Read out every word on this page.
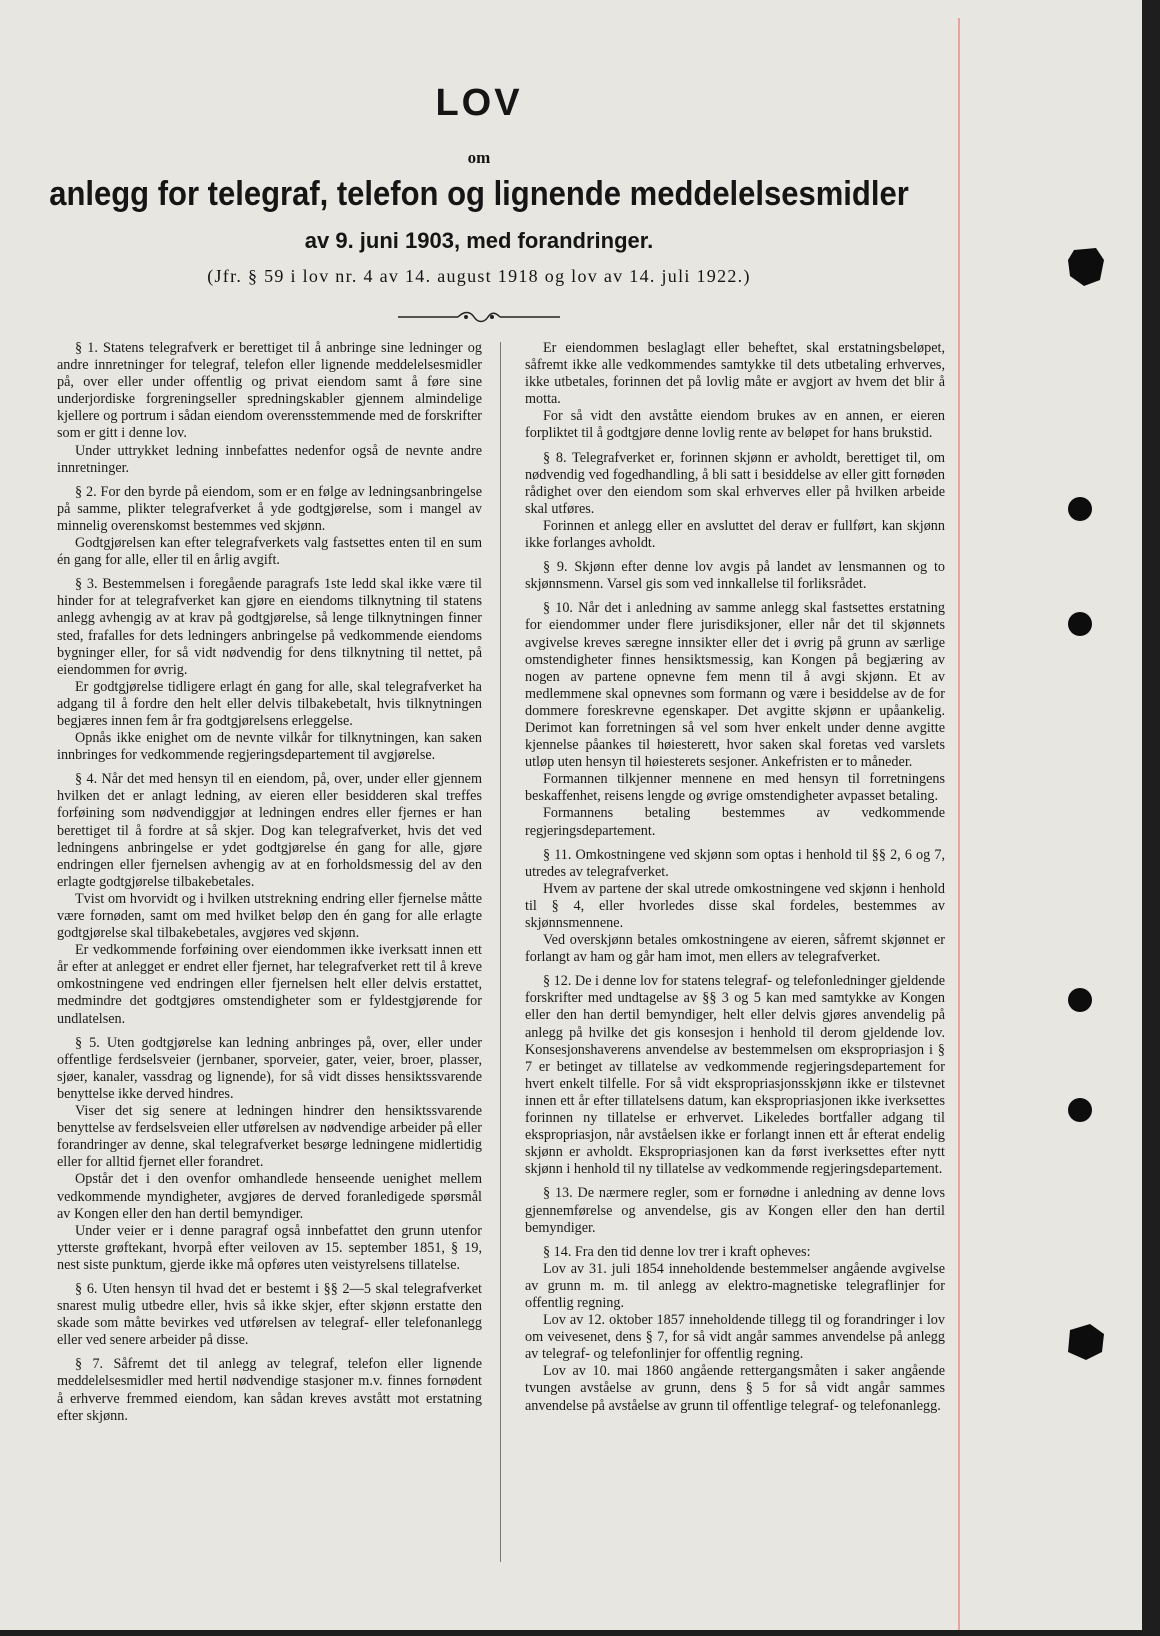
LOV
om
anlegg for telegraf, telefon og lignende meddelelsesmidler
av 9. juni 1903, med forandringer.
(Jfr. § 59 i lov nr. 4 av 14. august 1918 og lov av 14. juli 1922.)

§ 1. Statens telegrafverk er berettiget til å anbringe sine ledninger og andre innretninger for telegraf, telefon eller lignende meddelelsesmidler på, over eller under offentlig og privat eiendom samt å føre sine underjordiske forgreningseller spredningskabler gjennem almindelige kjellere og portrum i sådan eiendom overensstemmende med de forskrifter som er gitt i denne lov.

Under uttrykket ledning innbefattes nedenfor også de nevnte andre innretninger.

§ 2. For den byrde på eiendom, som er en følge av ledningsanbringelse på samme, plikter telegrafverket å yde godtgjørelse, som i mangel av minnelig overenskomst bestemmes ved skjønn.

Godtgjørelsen kan efter telegrafverkets valg fastsettes enten til en sum én gang for alle, eller til en årlig avgift.

§ 3. Bestemmelsen i foregående paragrafs 1ste ledd skal ikke være til hinder for at telegrafverket kan gjøre en eiendoms tilknytning til statens anlegg avhengig av at krav på godtgjørelse, så lenge tilknytningen finner sted, frafalles for dets ledningers anbringelse på vedkommende eiendoms bygninger eller, for så vidt nødvendig for dens tilknytning til nettet, på eiendommen for øvrig.

Er godtgjørelse tidligere erlagt én gang for alle, skal telegrafverket ha adgang til å fordre den helt eller delvis tilbakebetalt, hvis tilknytningen begjæres innen fem år fra godtgjørelsens erleggelse.

Opnås ikke enighet om de nevnte vilkår for tilknytningen, kan saken innbringes for vedkommende regjeringsdepartement til avgjørelse.

§ 4. Når det med hensyn til en eiendom, på, over, under eller gjennem hvilken det er anlagt ledning, av eieren eller besidderen skal treffes forføining som nødvendiggjør at ledningen endres eller fjernes er han berettiget til å fordre at så skjer. Dog kan telegrafverket, hvis det ved ledningens anbringelse er ydet godtgjørelse én gang for alle, gjøre endringen eller fjernelsen avhengig av at en forholdsmessig del av den erlagte godtgjørelse tilbakebetales.

Tvist om hvorvidt og i hvilken utstrekning endring eller fjernelse måtte være fornøden, samt om med hvilket beløp den én gang for alle erlagte godtgjørelse skal tilbakebetales, avgjøres ved skjønn.

Er vedkommende forføining over eiendommen ikke iverksatt innen ett år efter at anlegget er endret eller fjernet, har telegrafverket rett til å kreve omkostningene ved endringen eller fjernelsen helt eller delvis erstattet, medmindre det godtgjøres omstendigheter som er fyldestgjørende for undlatelsen.

§ 5. Uten godtgjørelse kan ledning anbringes på, over, eller under offentlige ferdselsveier (jernbaner, sporveier, gater, veier, broer, plasser, sjøer, kanaler, vassdrag og lignende), for så vidt disses hensiktssvarende benyttelse ikke derved hindres.

Viser det sig senere at ledningen hindrer den hensiktssvarende benyttelse av ferdselsveien eller utførelsen av nødvendige arbeider på eller forandringer av denne, skal telegrafverket besørge ledningene midlertidig eller for alltid fjernet eller forandret.

Opstår det i den ovenfor omhandlede henseende uenighet mellem vedkommende myndigheter, avgjøres de derved foranledigede spørsmål av Kongen eller den han dertil bemyndiger.

Under veier er i denne paragraf også innbefattet den grunn utenfor ytterste grøftekant, hvorpå efter veiloven av 15. september 1851, § 19, nest siste punktum, gjerde ikke må opføres uten veistyrelsens tillatelse.

§ 6. Uten hensyn til hvad det er bestemt i §§ 2—5 skal telegrafverket snarest mulig utbedre eller, hvis så ikke skjer, efter skjønn erstatte den skade som måtte bevirkes ved utførelsen av telegraf- eller telefonanlegg eller ved senere arbeider på disse.

§ 7. Såfremt det til anlegg av telegraf, telefon eller lignende meddelelsesmidler med hertil nødvendige stasjoner m.v. finnes fornødent å erhverve fremmed eiendom, kan sådan kreves avstått mot erstatning efter skjønn.

Er eiendommen beslaglagt eller beheftet, skal erstatningsbeløpet, såfremt ikke alle vedkommendes samtykke til dets utbetaling erhverves, ikke utbetales, forinnen det på lovlig måte er avgjort av hvem det blir å motta.

For så vidt den avståtte eiendom brukes av en annen, er eieren forpliktet til å godtgjøre denne lovlig rente av beløpet for hans brukstid.

§ 8. Telegrafverket er, forinnen skjønn er avholdt, berettiget til, om nødvendig ved fogedhandling, å bli satt i besiddelse av eller gitt fornøden rådighet over den eiendom som skal erhverves eller på hvilken arbeide skal utføres.

Forinnen et anlegg eller en avsluttet del derav er fullført, kan skjønn ikke forlanges avholdt.

§ 9. Skjønn efter denne lov avgis på landet av lensmannen og to skjønnsmenn. Varsel gis som ved innkallelse til forliksrådet.

§ 10. Når det i anledning av samme anlegg skal fastsettes erstatning for eiendommer under flere jurisdiksjoner, eller når det til skjønnets avgivelse kreves særegne innsikter eller det i øvrig på grunn av særlige omstendigheter finnes hensiktsmessig, kan Kongen på begjæring av nogen av partene opnevne fem menn til å avgi skjønn. Et av medlemmene skal opnevnes som formann og være i besiddelse av de for dommere foreskrevne egenskaper. Det avgitte skjønn er upåankelig. Derimot kan forretningen så vel som hver enkelt under denne avgitte kjennelse påankes til høiesterett, hvor saken skal foretas ved varslets utløp uten hensyn til høiesterets sesjoner. Ankefristen er to måneder.

Formannen tilkjenner mennene en med hensyn til forretningens beskaffenhet, reisens lengde og øvrige omstendigheter avpasset betaling.

Formannens betaling bestemmes av vedkommende regjeringsdepartement.

§ 11. Omkostningene ved skjønn som optas i henhold til §§ 2, 6 og 7, utredes av telegrafverket.

Hvem av partene der skal utrede omkostningene ved skjønn i henhold til § 4, eller hvorledes disse skal fordeles, bestemmes av skjønnsmennene.

Ved overskjønn betales omkostningene av eieren, såfremt skjønnet er forlangt av ham og går ham imot, men ellers av telegrafverket.

§ 12. De i denne lov for statens telegraf- og telefonledninger gjeldende forskrifter med undtagelse av §§ 3 og 5 kan med samtykke av Kongen eller den han dertil bemyndiger, helt eller delvis gjøres anvendelig på anlegg på hvilke det gis konsesjon i henhold til derom gjeldende lov. Konsesjonshaverens anvendelse av bestemmelsen om ekspropriasjon i § 7 er betinget av tillatelse av vedkommende regjeringsdepartement for hvert enkelt tilfelle. For så vidt ekspropriasjonsskjønn ikke er tilstevnet innen ett år efter tillatelsens datum, kan ekspropriasjonen ikke iverksettes forinnen ny tillatelse er erhvervet. Likeledes bortfaller adgang til ekspropriasjon, når avståelsen ikke er forlangt innen ett år efterat endelig skjønn er avholdt. Ekspropriasjonen kan da først iverksettes efter nytt skjønn i henhold til ny tillatelse av vedkommende regjeringsdepartement.

§ 13. De nærmere regler, som er fornødne i anledning av denne lovs gjennemførelse og anvendelse, gis av Kongen eller den han dertil bemyndiger.

§ 14. Fra den tid denne lov trer i kraft opheves:

Lov av 31. juli 1854 inneholdende bestemmelser angående avgivelse av grunn m. m. til anlegg av elektro-magnetiske telegraflinjer for offentlig regning.

Lov av 12. oktober 1857 inneholdende tillegg til og forandringer i lov om veivesenet, dens § 7, for så vidt angår sammes anvendelse på anlegg av telegraf- og telefonlinjer for offentlig regning.

Lov av 10. mai 1860 angående rettergangsmåten i saker angående tvungen avståelse av grunn, dens § 5 for så vidt angår sammes anvendelse på avståelse av grunn til offentlige telegraf- og telefonanlegg.
